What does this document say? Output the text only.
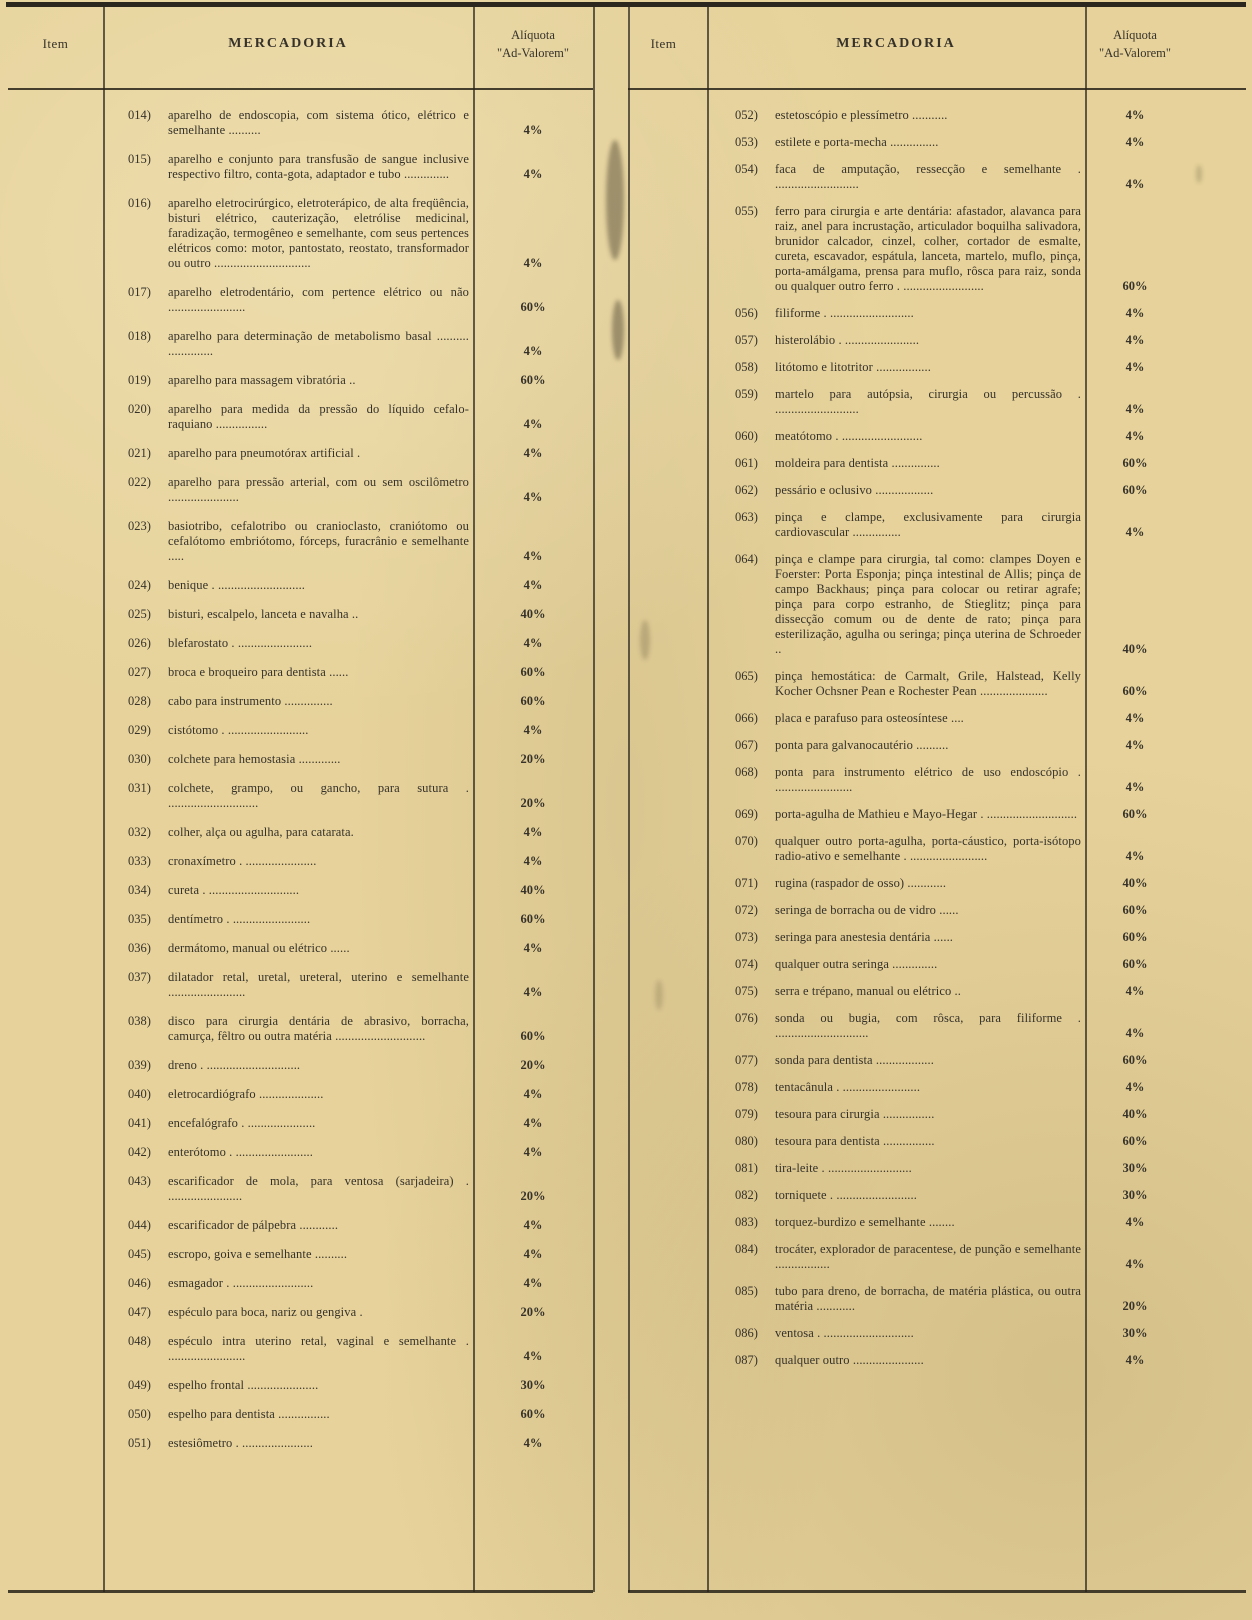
Item	MERCADORIA
Alíquota
"Ad-Valorem"
014)	aparelho de endoscopia, com sistema ótico, elétrico e semelhante ..........	4%
015)	aparelho e conjunto para transfusão de sangue inclusive respectivo filtro, conta-gota, adaptador e tubo ..............	4%
016)	aparelho eletrocirúrgico, eletroterápico, de alta freqüência, bisturi elétrico, cauterização, eletrólise medicinal, faradização, termogêneo e semelhante, com seus pertences elétricos como: motor, pantostato, reostato, transformador ou outro ..............................	4%
017)	aparelho eletrodentário, com pertence elétrico ou não ........................	60%
018)	aparelho para determinação de metabolismo basal .......... ..............	4%
019)	aparelho para massagem vibratória ..	60%
020)	aparelho para medida da pressão do líquido cefalo-raquiano ................	4%
021)	aparelho para pneumotórax artificial .	4%
022)	aparelho para pressão arterial, com ou sem oscilômetro ......................	4%
023)	basiotribo, cefalotribo ou cranioclasto, craniótomo ou cefalótomo embriótomo, fórceps, furacrânio e semelhante .....	4%
024)	benique . ...........................	4%
025)	bisturi, escalpelo, lanceta e navalha ..	40%
026)	blefarostato . .......................	4%
027)	broca e broqueiro para dentista ......	60%
028)	cabo para instrumento ...............	60%
029)	cistótomo . .........................	4%
030)	colchete para hemostasia .............	20%
031)	colchete, grampo, ou gancho, para sutura . ............................	20%
032)	colher, alça ou agulha, para catarata.	4%
033)	cronaxímetro . ......................	4%
034)	cureta . ............................	40%
035)	dentímetro . ........................	60%
036)	dermátomo, manual ou elétrico ......	4%
037)	dilatador retal, uretal, ureteral, uterino e semelhante ........................	4%
038)	disco para cirurgia dentária de abrasivo, borracha, camurça, fêltro ou outra matéria ............................	60%
039)	dreno . .............................	20%
040)	eletrocardiógrafo ....................	4%
041)	encefalógrafo . .....................	4%
042)	enterótomo . ........................	4%
043)	escarificador de mola, para ventosa (sarjadeira) . .......................	20%
044)	escarificador de pálpebra ............	4%
045)	escropo, goiva e semelhante ..........	4%
046)	esmagador . .........................	4%
047)	espéculo para boca, nariz ou gengiva .	20%
048)	espéculo intra uterino retal, vaginal e semelhante . ........................	4%
049)	espelho frontal ......................	30%
050)	espelho para dentista ................	60%
051)	estesiômetro . ......................	4%
Item	MERCADORIA
Alíquota
"Ad-Valorem"
052)	estetoscópio e plessímetro ...........	4%
053)	estilete e porta-mecha ...............	4%
054)	faca de amputação, ressecção e semelhante . ..........................	4%
055)	ferro para cirurgia e arte dentária: afastador, alavanca para raiz, anel para incrustação, articulador boquilha salivadora, brunidor calcador, cinzel, colher, cortador de esmalte, cureta, escavador, espátula, lanceta, martelo, muflo, pinça, porta-amálgama, prensa para muflo, rôsca para raiz, sonda ou qualquer outro ferro . .........................	60%
056)	filiforme . ..........................	4%
057)	histerolábio . .......................	4%
058)	litótomo e litotritor .................	4%
059)	martelo para autópsia, cirurgia ou percussão . ..........................	4%
060)	meatótomo . .........................	4%
061)	moldeira para dentista ...............	60%
062)	pessário e oclusivo ..................	60%
063)	pinça e clampe, exclusivamente para cirurgia cardiovascular ...............	4%
064)	pinça e clampe para cirurgia, tal como: clampes Doyen e Foerster: Porta Esponja; pinça intestinal de Allis; pinça de campo Backhaus; pinça para colocar ou retirar agrafe; pinça para corpo estranho, de Stieglitz; pinça para dissecção comum ou de dente de rato; pinça para esterilização, agulha ou seringa; pinça uterina de Schroeder ..	40%
065)	pinça hemostática: de Carmalt, Grile, Halstead, Kelly Kocher Ochsner Pean e Rochester Pean .....................	60%
066)	placa e parafuso para osteosíntese ....	4%
067)	ponta para galvanocautério ..........	4%
068)	ponta para instrumento elétrico de uso endoscópio . ........................	4%
069)	porta-agulha de Mathieu e Mayo-Hegar . ............................	60%
070)	qualquer outro porta-agulha, porta-cáustico, porta-isótopo radio-ativo e semelhante . ........................	4%
071)	rugina (raspador de osso) ............	40%
072)	seringa de borracha ou de vidro ......	60%
073)	seringa para anestesia dentária ......	60%
074)	qualquer outra seringa ..............	60%
075)	serra e trépano, manual ou elétrico ..	4%
076)	sonda ou bugia, com rôsca, para filiforme . .............................	4%
077)	sonda para dentista ..................	60%
078)	tentacânula . ........................	4%
079)	tesoura para cirurgia ................	40%
080)	tesoura para dentista ................	60%
081)	tira-leite . ..........................	30%
082)	torniquete . .........................	30%
083)	torquez-burdizo e semelhante ........	4%
084)	trocáter, explorador de paracentese, de punção e semelhante .................	4%
085)	tubo para dreno, de borracha, de matéria plástica, ou outra matéria ............	20%
086)	ventosa . ............................	30%
087)	qualquer outro ......................	4%
